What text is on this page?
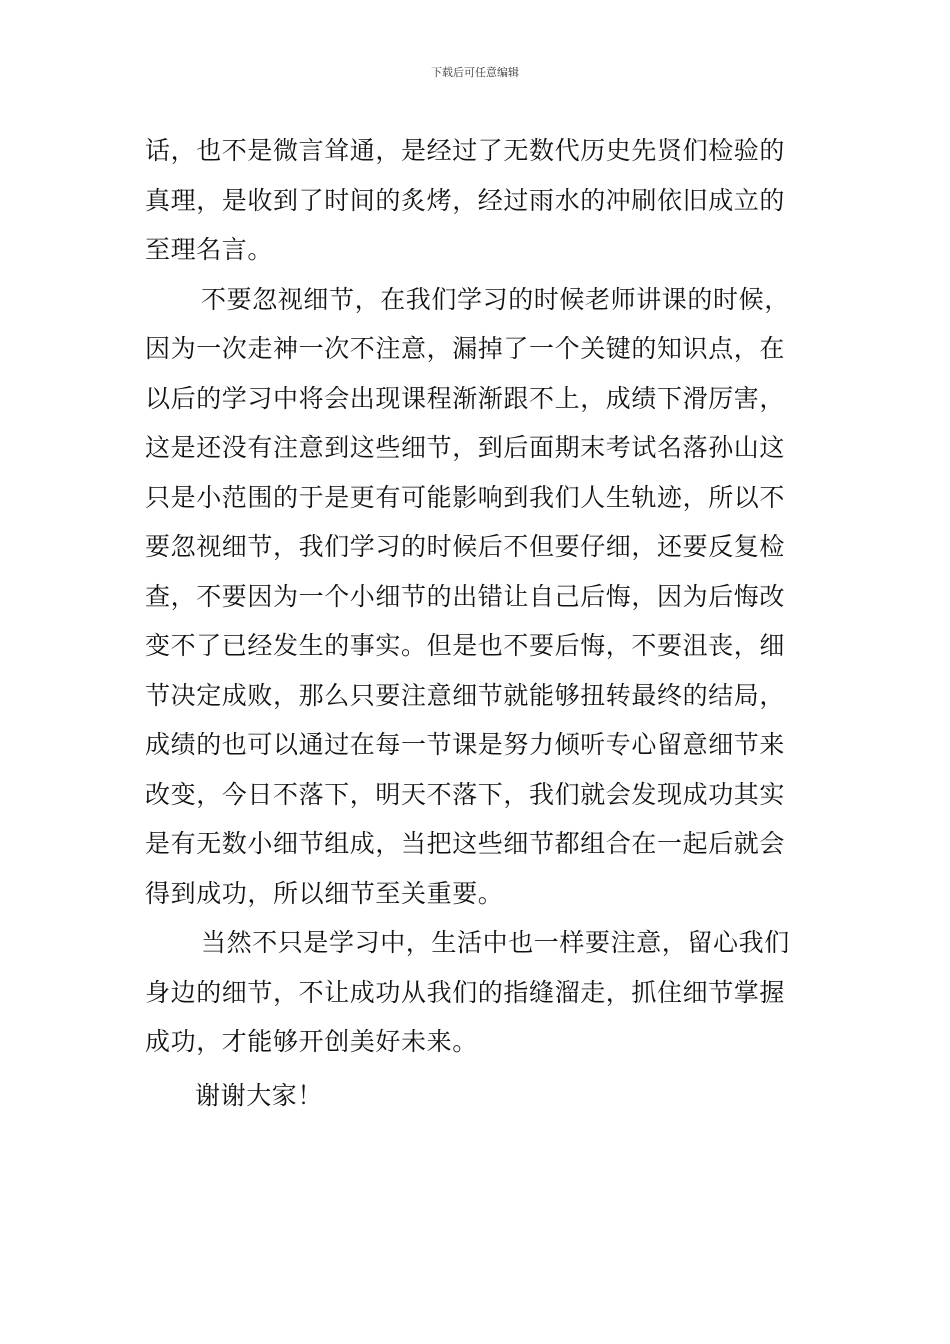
下载后可任意编辑
话，也不是微言耸通，是经过了无数代历史先贤们检验的
真理，是收到了时间的炙烤，经过雨水的冲刷依旧成立的
至理名言。
不要忽视细节，在我们学习的时候老师讲课的时候，
因为一次走神一次不注意，漏掉了一个关键的知识点，在
以后的学习中将会出现课程渐渐跟不上，成绩下滑厉害，
这是还没有注意到这些细节，到后面期末考试名落孙山这
只是小范围的于是更有可能影响到我们人生轨迹，所以不
要忽视细节，我们学习的时候后不但要仔细，还要反复检
查，不要因为一个小细节的出错让自己后悔，因为后悔改
变不了已经发生的事实。但是也不要后悔，不要沮丧，细
节决定成败，那么只要注意细节就能够扭转最终的结局，
成绩的也可以通过在每一节课是努力倾听专心留意细节来
改变，今日不落下，明天不落下，我们就会发现成功其实
是有无数小细节组成，当把这些细节都组合在一起后就会
得到成功，所以细节至关重要。
当然不只是学习中，生活中也一样要注意，留心我们
身边的细节，不让成功从我们的指缝溜走，抓住细节掌握
成功，才能够开创美好未来。
谢谢大家！
